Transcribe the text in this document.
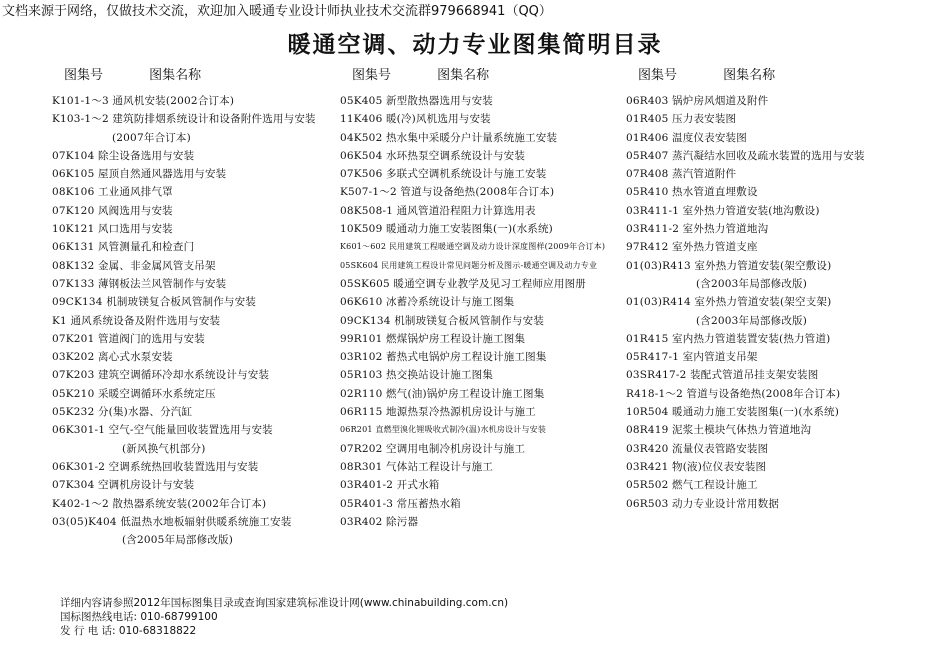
文档来源于网络，仅做技术交流，欢迎加入暖通专业设计师执业技术交流群979668941（QQ）
暖通空调、动力专业图集简明目录
图集号	图集名称
K101-1～3 通风机安装(2002合订本)
K103-1～2 建筑防排烟系统设计和设备附件选用与安装
(2007年合订本)
07K104 除尘设备选用与安装
06K105 屋顶自然通风器选用与安装
08K106 工业通风排气罩
07K120 风阀选用与安装
10K121 风口选用与安装
06K131 风管测量孔和检查门
08K132 金属、非金属风管支吊架
07K133 薄钢板法兰风管制作与安装
09CK134 机制玻镁复合板风管制作与安装
K1 通风系统设备及附件选用与安装
07K201 管道阀门的选用与安装
03K202 离心式水泵安装
07K203 建筑空调循环冷却水系统设计与安装
05K210 采暖空调循环水系统定压
05K232 分(集)水器、分汽缸
06K301-1 空气-空气能量回收装置选用与安装
(新风换气机部分)
06K301-2 空调系统热回收装置选用与安装
07K304 空调机房设计与安装
K402-1～2 散热器系统安装(2002年合订本)
03(05)K404 低温热水地板辐射供暖系统施工安装
(含2005年局部修改版)
图集号	图集名称
05K405 新型散热器选用与安装
11K406 暖(冷)风机选用与安装
04K502 热水集中采暖分户计量系统施工安装
06K504 水环热泵空调系统设计与安装
07K506 多联式空调机系统设计与施工安装
K507-1～2 管道与设备绝热(2008年合订本)
08K508-1 通风管道沿程阻力计算选用表
10K509 暖通动力施工安装图集(一)(水系统)
K601～602 民用建筑工程暖通空调及动力设计深度图样(2009年合订本)
05SK604 民用建筑工程设计常见问题分析及图示-暖通空调及动力专业
05SK605 暖通空调专业教学及见习工程师应用图册
06K610 冰蓄冷系统设计与施工图集
09CK134 机制玻镁复合板风管制作与安装
99R101 燃煤锅炉房工程设计施工图集
03R102 蓄热式电锅炉房工程设计施工图集
05R103 热交换站设计施工图集
02R110 燃气(油)锅炉房工程设计施工图集
06R115 地源热泵冷热源机房设计与施工
06R201 直燃型溴化锂吸收式制冷(温)水机房设计与安装
07R202 空调用电制冷机房设计与施工
08R301 气体站工程设计与施工
03R401-2 开式水箱
05R401-3 常压蓄热水箱
03R402 除污器
图集号	图集名称
06R403 锅炉房风烟道及附件
01R405 压力表安装图
01R406 温度仪表安装图
05R407 蒸汽凝结水回收及疏水装置的选用与安装
07R408 蒸汽管道附件
05R410 热水管道直埋敷设
03R411-1 室外热力管道安装(地沟敷设)
03R411-2 室外热力管道地沟
97R412 室外热力管道支座
01(03)R413 室外热力管道安装(架空敷设)
(含2003年局部修改版)
01(03)R414 室外热力管道安装(架空支架)
(含2003年局部修改版)
01R415 室内热力管道装置安装(热力管道)
05R417-1 室内管道支吊架
03SR417-2 装配式管道吊挂支架安装图
R418-1～2 管道与设备绝热(2008年合订本)
10R504 暖通动力施工安装图集(一)(水系统)
08R419 泥浆土模块气体热力管道地沟
03R420 流量仪表管路安装图
03R421 物(液)位仪表安装图
05R502 燃气工程设计施工
06R503 动力专业设计常用数据
详细内容请参照2012年国标图集目录或查询国家建筑标准设计网(www.chinabuilding.com.cn)
国标图热线电话: 010-68799100
发 行 电 话: 010-68318822
